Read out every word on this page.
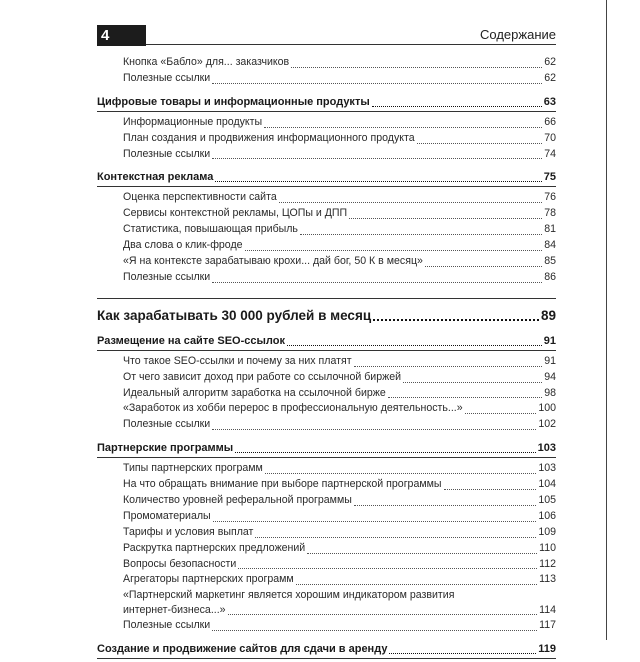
4	Содержание
Кнопка «Бабло» для... заказчиков	62
Полезные ссылки	62
Цифровые товары и информационные продукты	63
Информационные продукты	66
План создания и продвижения информационного продукта	70
Полезные ссылки	74
Контекстная реклама	75
Оценка перспективности сайта	76
Сервисы контекстной рекламы, ЦОПы и ДПП	78
Статистика, повышающая прибыль	81
Два слова о клик-фроде	84
«Я на контексте зарабатываю крохи... дай бог, 50 К в месяц»	85
Полезные ссылки	86
Как зарабатывать 30 000 рублей в месяц	89
Размещение на сайте SEO-ссылок	91
Что такое SEO-ссылки и почему за них платят	91
От чего зависит доход при работе со ссылочной биржей	94
Идеальный алгоритм заработка на ссылочной бирже	98
«Заработок из хобби перерос в профессиональную деятельность...»	100
Полезные ссылки	102
Партнерские программы	103
Типы партнерских программ	103
На что обращать внимание при выборе партнерской программы	104
Количество уровней реферальной программы	105
Промоматериалы	106
Тарифы и условия выплат	109
Раскрутка партнерских предложений	110
Вопросы безопасности	112
Агрегаторы партнерских программ	113
«Партнерский маркетинг является хорошим индикатором развития
интернет-бизнеса...»	114
Полезные ссылки	117
Создание и продвижение сайтов для сдачи в аренду	119
